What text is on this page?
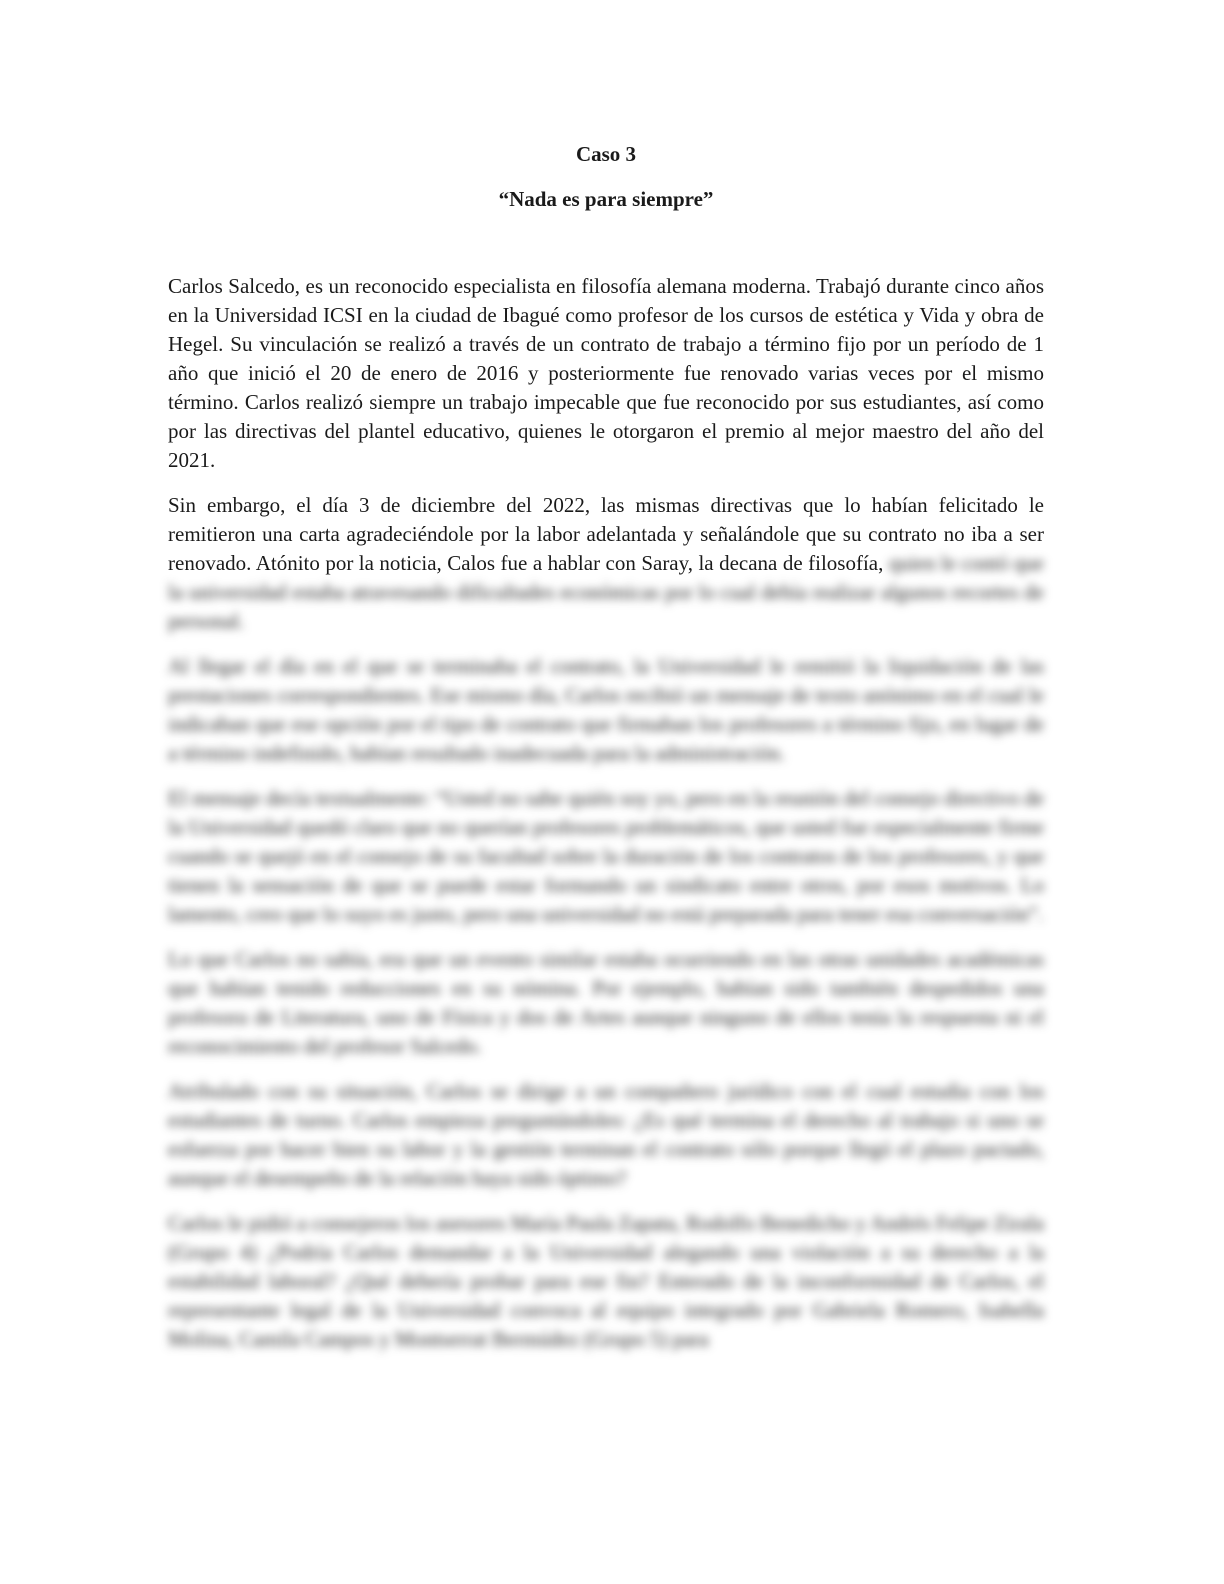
Caso 3
“Nada es para siempre”

Carlos Salcedo, es un reconocido especialista en filosofía alemana moderna. Trabajó durante cinco años en la Universidad ICSI en la ciudad de Ibagué como profesor de los cursos de estética y Vida y obra de Hegel. Su vinculación se realizó a través de un contrato de trabajo a término fijo por un período de 1 año que inició el 20 de enero de 2016 y posteriormente fue renovado varias veces por el mismo término. Carlos realizó siempre un trabajo impecable que fue reconocido por sus estudiantes, así como por las directivas del plantel educativo, quienes le otorgaron el premio al mejor maestro del año del 2021.

Sin embargo, el día 3 de diciembre del 2022, las mismas directivas que lo habían felicitado le remitieron una carta agradeciéndole por la labor adelantada y señalándole que su contrato no iba a ser renovado. Atónito por la noticia, Calos fue a hablar con Saray, la decana de filosofía, quien le contó que la universidad estaba atravesando dificultades económicas por lo cual debía realizar algunos recortes de personal.

Al llegar el día en el que se terminaba el contrato, la Universidad le remitió la liquidación de las prestaciones correspondientes. Ese mismo día, Carlos recibió un mensaje de texto anónimo en el cual le indicaban que ese opción por el tipo de contrato que firmaban los profesores a término fijo, en lugar de a término indefinido, habían resultado inadecuada para la administración.

El mensaje decía textualmente: “Usted no sabe quién soy yo, pero en la reunión del consejo directivo de la Universidad quedó claro que no querían profesores problemáticos, que usted fue especialmente firme cuando se quejó en el consejo de su facultad sobre la duración de los contratos de los profesores, y que tienen la sensación de que se puede estar formando un sindicato entre otros, por esos motivos. Lo lamento, creo que lo suyo es justo, pero una universidad no está preparada para tener esa conversación”.

Lo que Carlos no sabía, era que un evento similar estaba ocurriendo en las otras unidades académicas que habían tenido reducciones en su nómina. Por ejemplo, habían sido también despedidos una profesora de Literatura, uno de Física y dos de Artes aunque ninguno de ellos tenía la respuesta ni el reconocimiento del profesor Salcedo.

Atribulado con su situación, Carlos se dirige a un compañero jurídico con el cual estudia con los estudiantes de turno. Carlos empieza preguntándoles: ¿Es qué termina el derecho al trabajo si uno se esfuerza por hacer bien su labor y la gestión terminan el contrato sólo porque llegó el plazo pactado, aunque el desempeño de la relación haya sido óptimo?

Carlos le pidió a consejeros los asesores María Paula Zapata, Rodolfo Benedicho y Andrés Felipe Zirala (Grupo 4) ¿Podría Carlos demandar a la Universidad alegando una violación a su derecho a la estabilidad laboral? ¿Qué debería probar para ese fin? Enterado de la inconformidad de Carlos, el representante legal de la Universidad convoca al equipo integrado por Gabriela Romero, Isabella Molina, Camila Campos y Montserrat Bermúdez (Grupo 5) para
